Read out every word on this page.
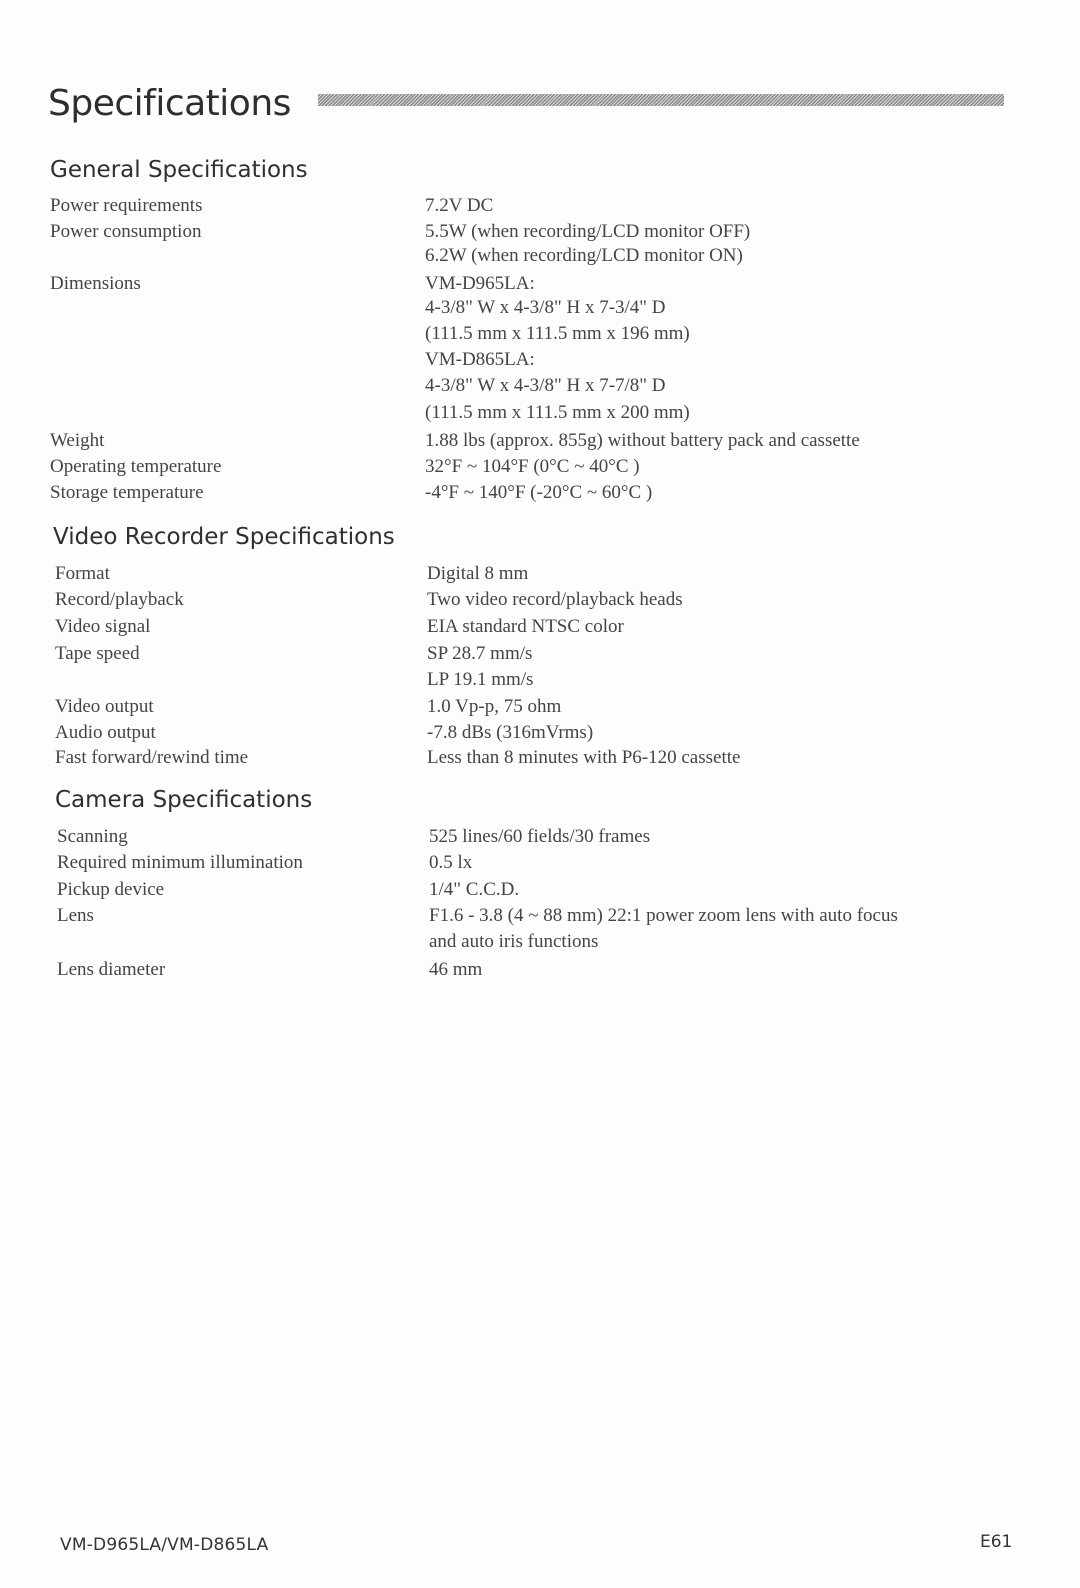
Specifications
General Specifications
Power requirements	7.2V DC
Power consumption	5.5W (when recording/LCD monitor OFF)
6.2W (when recording/LCD monitor ON)
Dimensions	VM-D965LA:
4-3/8" W x 4-3/8" H x 7-3/4" D
(111.5 mm x 111.5 mm x 196 mm)
VM-D865LA:
4-3/8" W x 4-3/8" H x 7-7/8" D
(111.5 mm x 111.5 mm x 200 mm)
Weight	1.88 lbs (approx. 855g) without battery pack and cassette
Operating temperature	32°F ~ 104°F (0°C ~ 40°C )
Storage temperature	-4°F ~ 140°F (-20°C ~ 60°C )
Video Recorder Specifications
Format	Digital 8 mm
Record/playback	Two video record/playback heads
Video signal	EIA standard NTSC color
Tape speed	SP 28.7 mm/s
LP 19.1 mm/s
Video output	1.0 Vp-p, 75 ohm
Audio output	-7.8 dBs (316mVrms)
Fast forward/rewind time	Less than 8 minutes with P6-120 cassette
Camera Specifications
Scanning	525 lines/60 fields/30 frames
Required minimum illumination	0.5 lx
Pickup device	1/4" C.C.D.
Lens	F1.6 - 3.8 (4 ~ 88 mm) 22:1 power zoom lens with auto focus
and auto iris functions
Lens diameter	46 mm
VM-D965LA/VM-D865LA	E61
